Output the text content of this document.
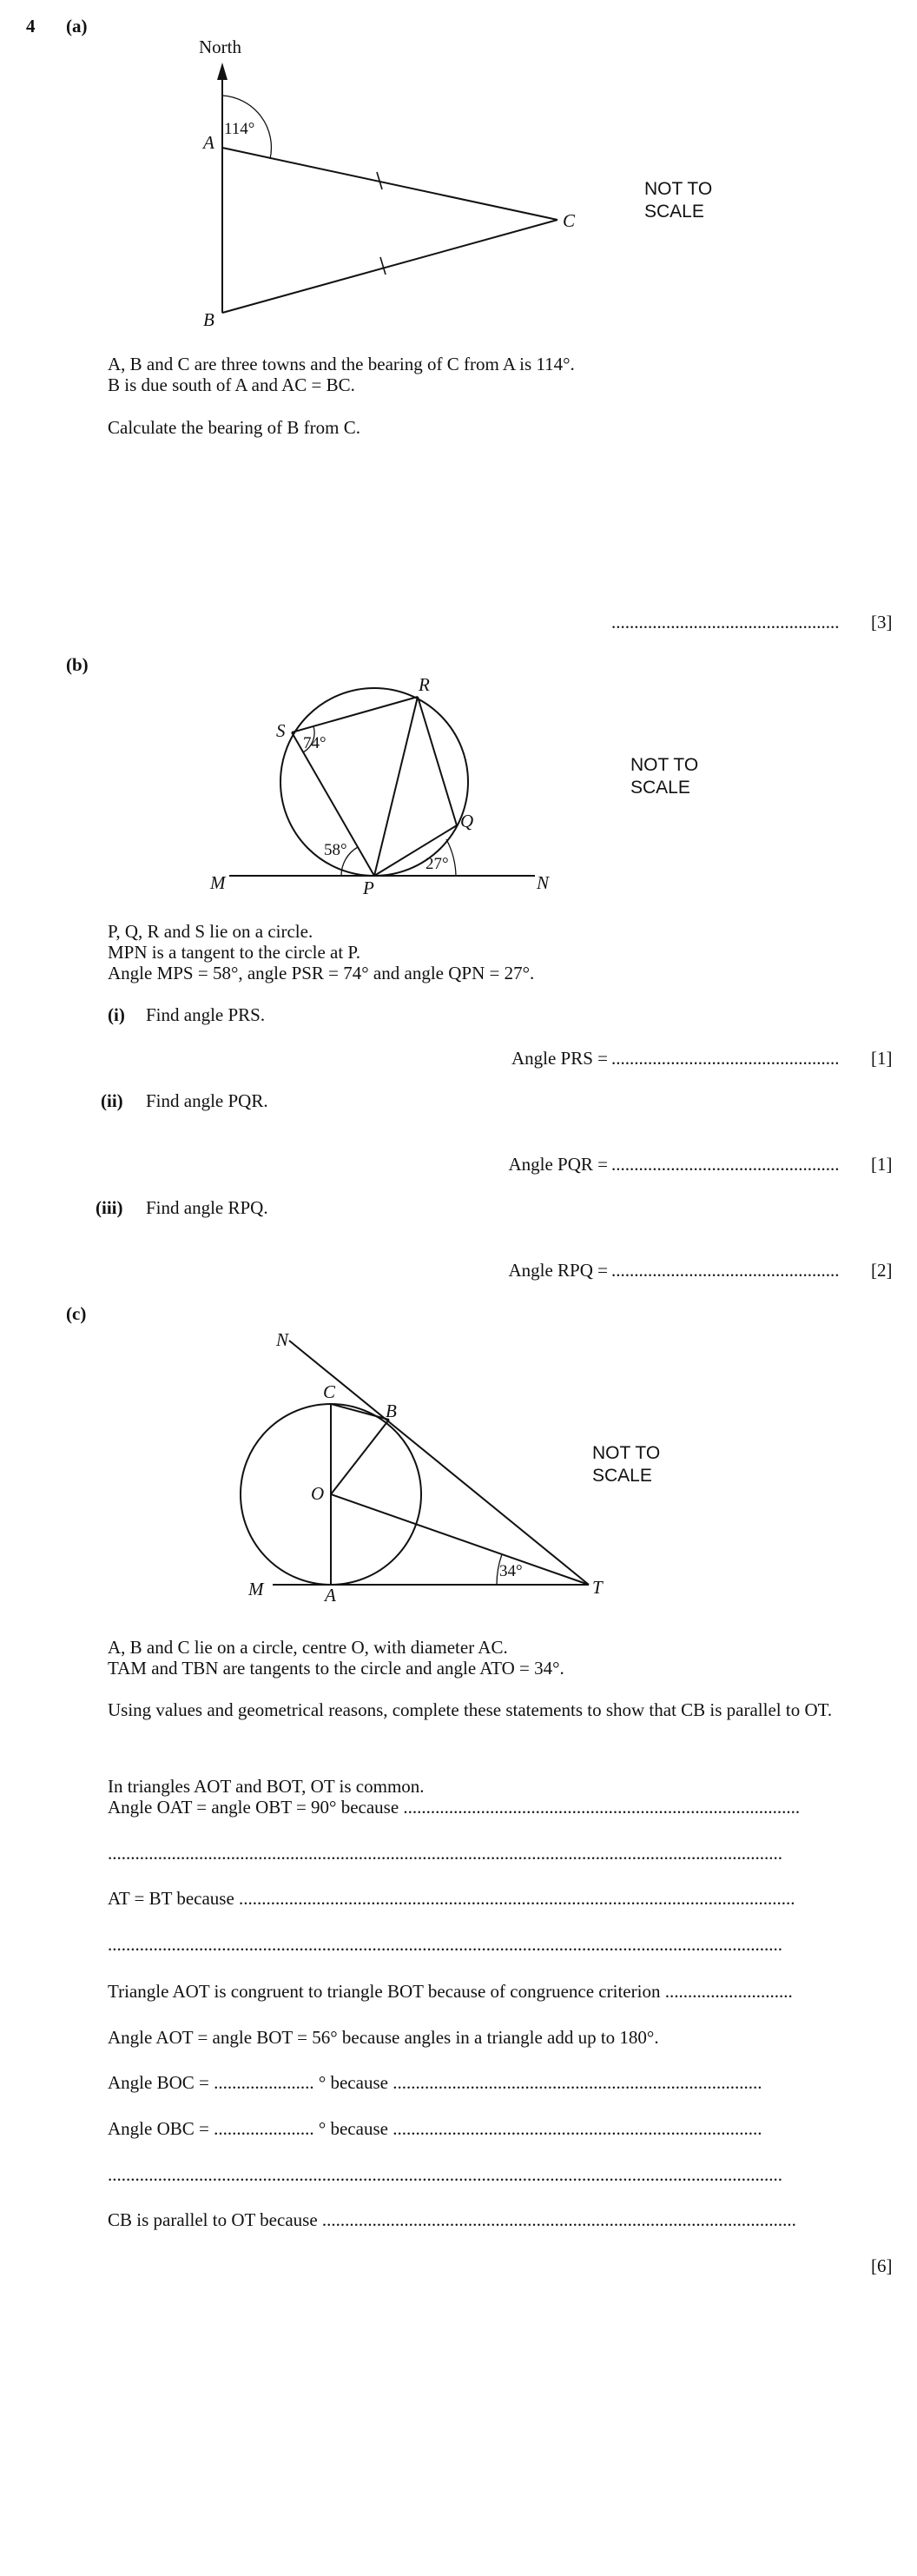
4 (a)
North
114°
A
B
C
NOT TO
SCALE
A, B and C are three towns and the bearing of C from A is 114°.
B is due south of A and AC = BC.
Calculate the bearing of B from C.
.................................................. [3]
(b)
R
S
74°
Q
58°
27°
M	P	N
NOT TO
SCALE
P, Q, R and S lie on a circle.
MPN is a tangent to the circle at P.
Angle MPS = 58°, angle PSR = 74° and angle QPN = 27°.
(i) Find angle PRS.
Angle PRS = .................................................. [1]
(ii) Find angle PQR.
Angle PQR = .................................................. [1]
(iii) Find angle RPQ.
Angle RPQ = .................................................. [2]
(c)
N
C
B
O
M	A	T
34°
NOT TO
SCALE
A, B and C lie on a circle, centre O, with diameter AC.
TAM and TBN are tangents to the circle and angle ATO = 34°.
Using values and geometrical reasons, complete these statements to show that CB is parallel to OT.
In triangles AOT and BOT, OT is common.
Angle OAT = angle OBT = 90° because .......................................................................................
....................................................................................................................................................
AT = BT because ..........................................................................................................................
....................................................................................................................................................
Triangle AOT is congruent to triangle BOT because of congruence criterion ............................
Angle AOT = angle BOT = 56° because angles in a triangle add up to 180°.
Angle BOC = ...................... ° because .................................................................................
Angle OBC = ...................... ° because .................................................................................
....................................................................................................................................................
CB is parallel to OT because ........................................................................................................
[6]
